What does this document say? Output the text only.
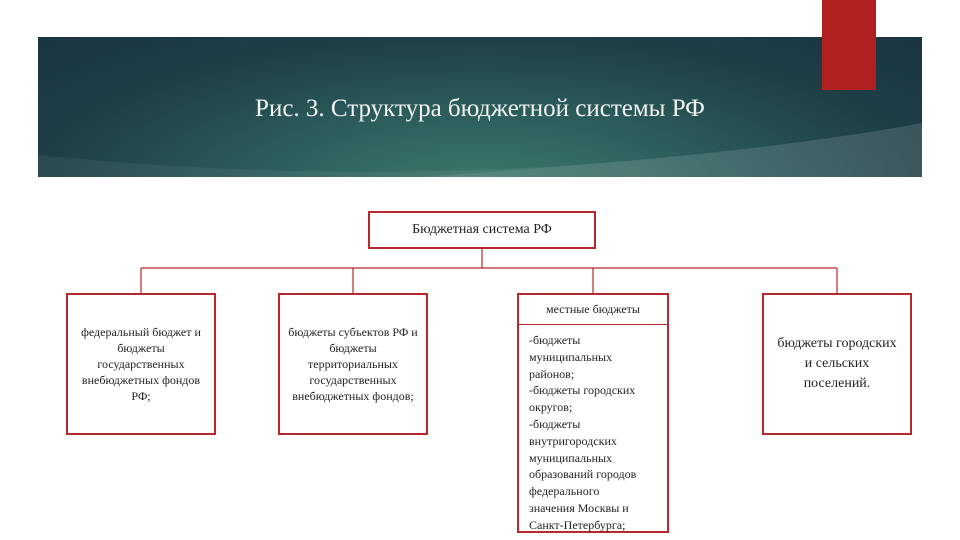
Рис. 3. Структура бюджетной системы РФ
Бюджетная система РФ
федеральный бюджет и бюджеты государственных внебюджетных фондов РФ;
бюджеты субъектов РФ и бюджеты территориальных государственных внебюджетных фондов;
местные бюджеты
-бюджеты
муниципальных
районов;
-бюджеты городских
округов;
-бюджеты
внутригородских
муниципальных
образований городов
федерального
значения Москвы и
Санкт-Петербурга;
бюджеты городских и сельских поселений.
